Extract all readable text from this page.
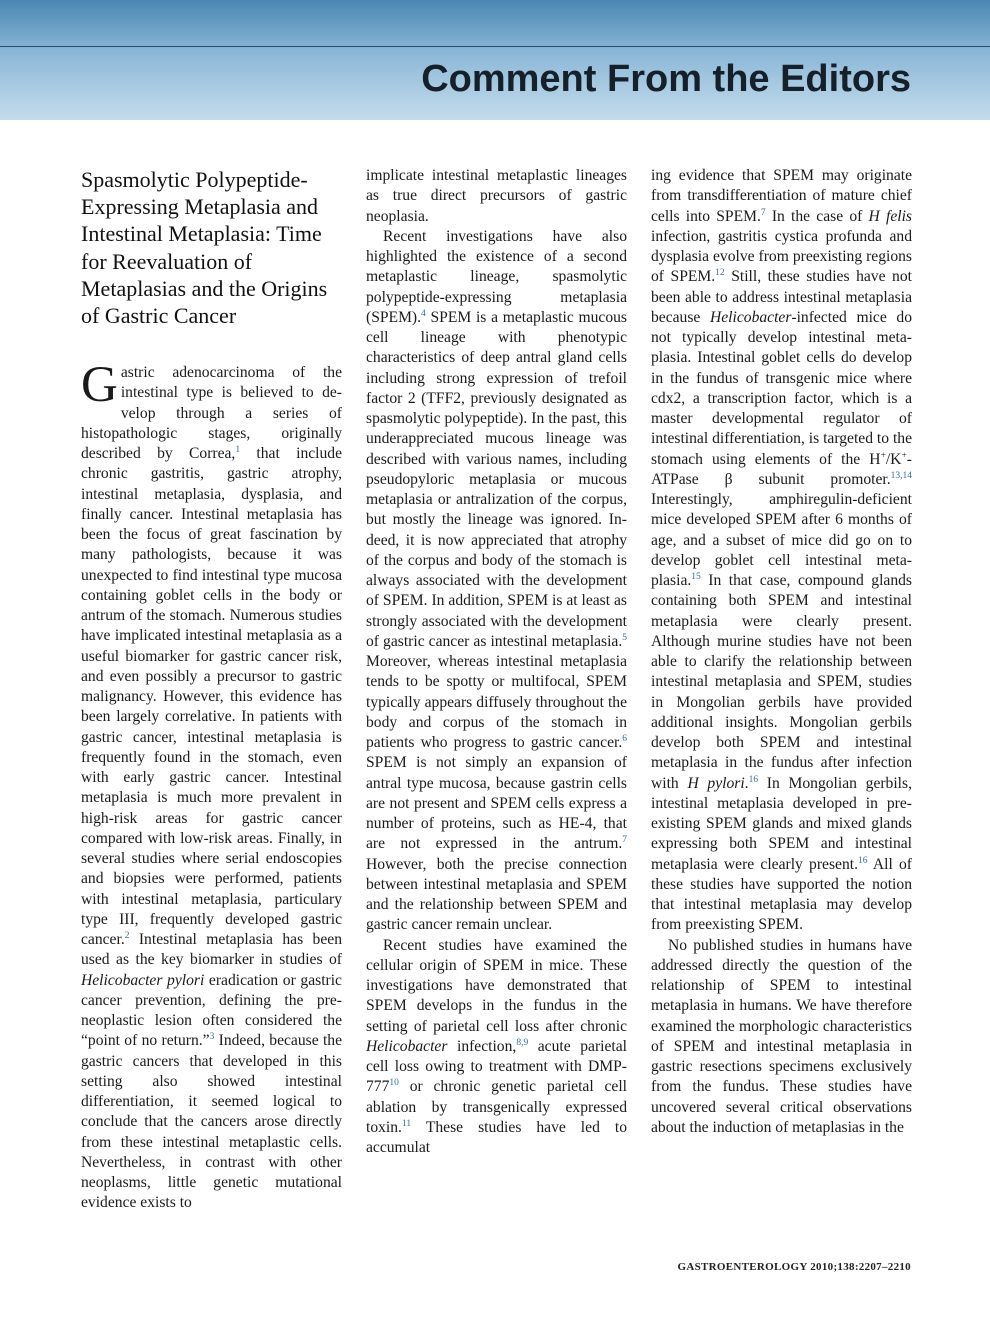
Comment From the Editors
Spasmolytic Polypeptide-Expressing Metaplasia and Intestinal Metaplasia: Time for Reevaluation of Metaplasias and the Origins of Gastric Cancer

Gastric adenocarcinoma of the intestinal type is believed to develop through a series of histopathologic stages, originally described by Correa,$^1$ that include chronic gastritis, gastric atrophy, intestinal metaplasia, dysplasia, and finally cancer. Intestinal metaplasia has been the focus of great fascination by many pathologists, because it was unexpected to find intestinal type mucosa containing goblet cells in the body or antrum of the stomach. Numerous studies have implicated intestinal metaplasia as a useful biomarker for gastric cancer risk, and even possibly a precursor to gastric malignancy. However, this evidence has been largely correlative. In patients with gastric cancer, intestinal metaplasia is frequently found in the stomach, even with early gastric cancer. Intestinal metaplasia is much more prevalent in high-risk areas for gastric cancer compared with low-risk areas. Finally, in several studies where serial endoscopies and biopsies were performed, patients with intestinal metaplasia, particulary type III, frequently developed gastric cancer.$^2$ Intestinal metaplasia has been used as the key biomarker in studies of Helicobacter pylori eradication or gastric cancer prevention, defining the preneoplastic lesion often considered the “point of no return.”$^3$ Indeed, because the gastric cancers that developed in this setting also showed intestinal differentiation, it seemed logical to conclude that the cancers arose directly from these intestinal metaplastic cells. Nevertheless, in contrast with other neoplasms, little genetic mutational evidence exists to

implicate intestinal metaplastic lineages as true direct precursors of gastric neoplasia.

Recent investigations have also highlighted the existence of a second metaplastic lineage, spasmolytic polypeptide-expressing metaplasia (SPEM).$^4$ SPEM is a metaplastic mucous cell lineage with phenotypic characteristics of deep antral gland cells including strong expression of trefoil factor 2 (TFF2, previously designated as spasmolytic polypeptide). In the past, this underappreciated mucous lineage was described with various names, including pseudopyloric metaplasia or mucous metaplasia or antralization of the corpus, but mostly the lineage was ignored. Indeed, it is now appreciated that atrophy of the corpus and body of the stomach is always associated with the development of SPEM. In addition, SPEM is at least as strongly associated with the development of gastric cancer as intestinal metaplasia.$^5$ Moreover, whereas intestinal metaplasia tends to be spotty or multifocal, SPEM typically appears diffusely throughout the body and corpus of the stomach in patients who progress to gastric cancer.$^6$ SPEM is not simply an expansion of antral type mucosa, because gastrin cells are not present and SPEM cells express a number of proteins, such as HE-4, that are not expressed in the antrum.$^7$ However, both the precise connection between intestinal metaplasia and SPEM and the relationship between SPEM and gastric cancer remain unclear.

Recent studies have examined the cellular origin of SPEM in mice. These investigations have demonstrated that SPEM develops in the fundus in the setting of parietal cell loss after chronic Helicobacter infection,$^{8,9}$ acute parietal cell loss owing to treatment with DMP-$777^{10}$ or chronic genetic parietal cell ablation by transgenically expressed toxin.$^{11}$ These studies have led to accumulat

ing evidence that SPEM may originate from transdifferentiation of mature chief cells into SPEM.$^7$ In the case of H felis infection, gastritis cystica profunda and dysplasia evolve from preexisting regions of SPEM.$^{12}$ Still, these studies have not been able to address intestinal metaplasia because Helicobacter-infected mice do not typically develop intestinal metaplasia. Intestinal goblet cells do develop in the fundus of transgenic mice where cdx2, a transcription factor, which is a master developmental regulator of intestinal differentiation, is targeted to the stomach using elements of the H+/K+-ATPase β subunit promoter.$^{13,14}$ Interestingly, amphiregulin-deficient mice developed SPEM after 6 months of age, and a subset of mice did go on to develop goblet cell intestinal metaplasia.$^{15}$ In that case, compound glands containing both SPEM and intestinal metaplasia were clearly present. Although murine studies have not been able to clarify the relationship between intestinal metaplasia and SPEM, studies in Mongolian gerbils have provided additional insights. Mongolian gerbils develop both SPEM and intestinal metaplasia in the fundus after infection with H pylori.$^{16}$ In Mongolian gerbils, intestinal metaplasia developed in preexisting SPEM glands and mixed glands expressing both SPEM and intestinal metaplasia were clearly present.$^{16}$ All of these studies have supported the notion that intestinal metaplasia may develop from preexisting SPEM.

No published studies in humans have addressed directly the question of the relationship of SPEM to intestinal metaplasia in humans. We have therefore examined the morphologic characteristics of SPEM and intestinal metaplasia in gastric resections specimens exclusively from the fundus. These studies have uncovered several critical observations about the induction of metaplasias in the

GASTROENTEROLOGY 2010;138:2207–2210
